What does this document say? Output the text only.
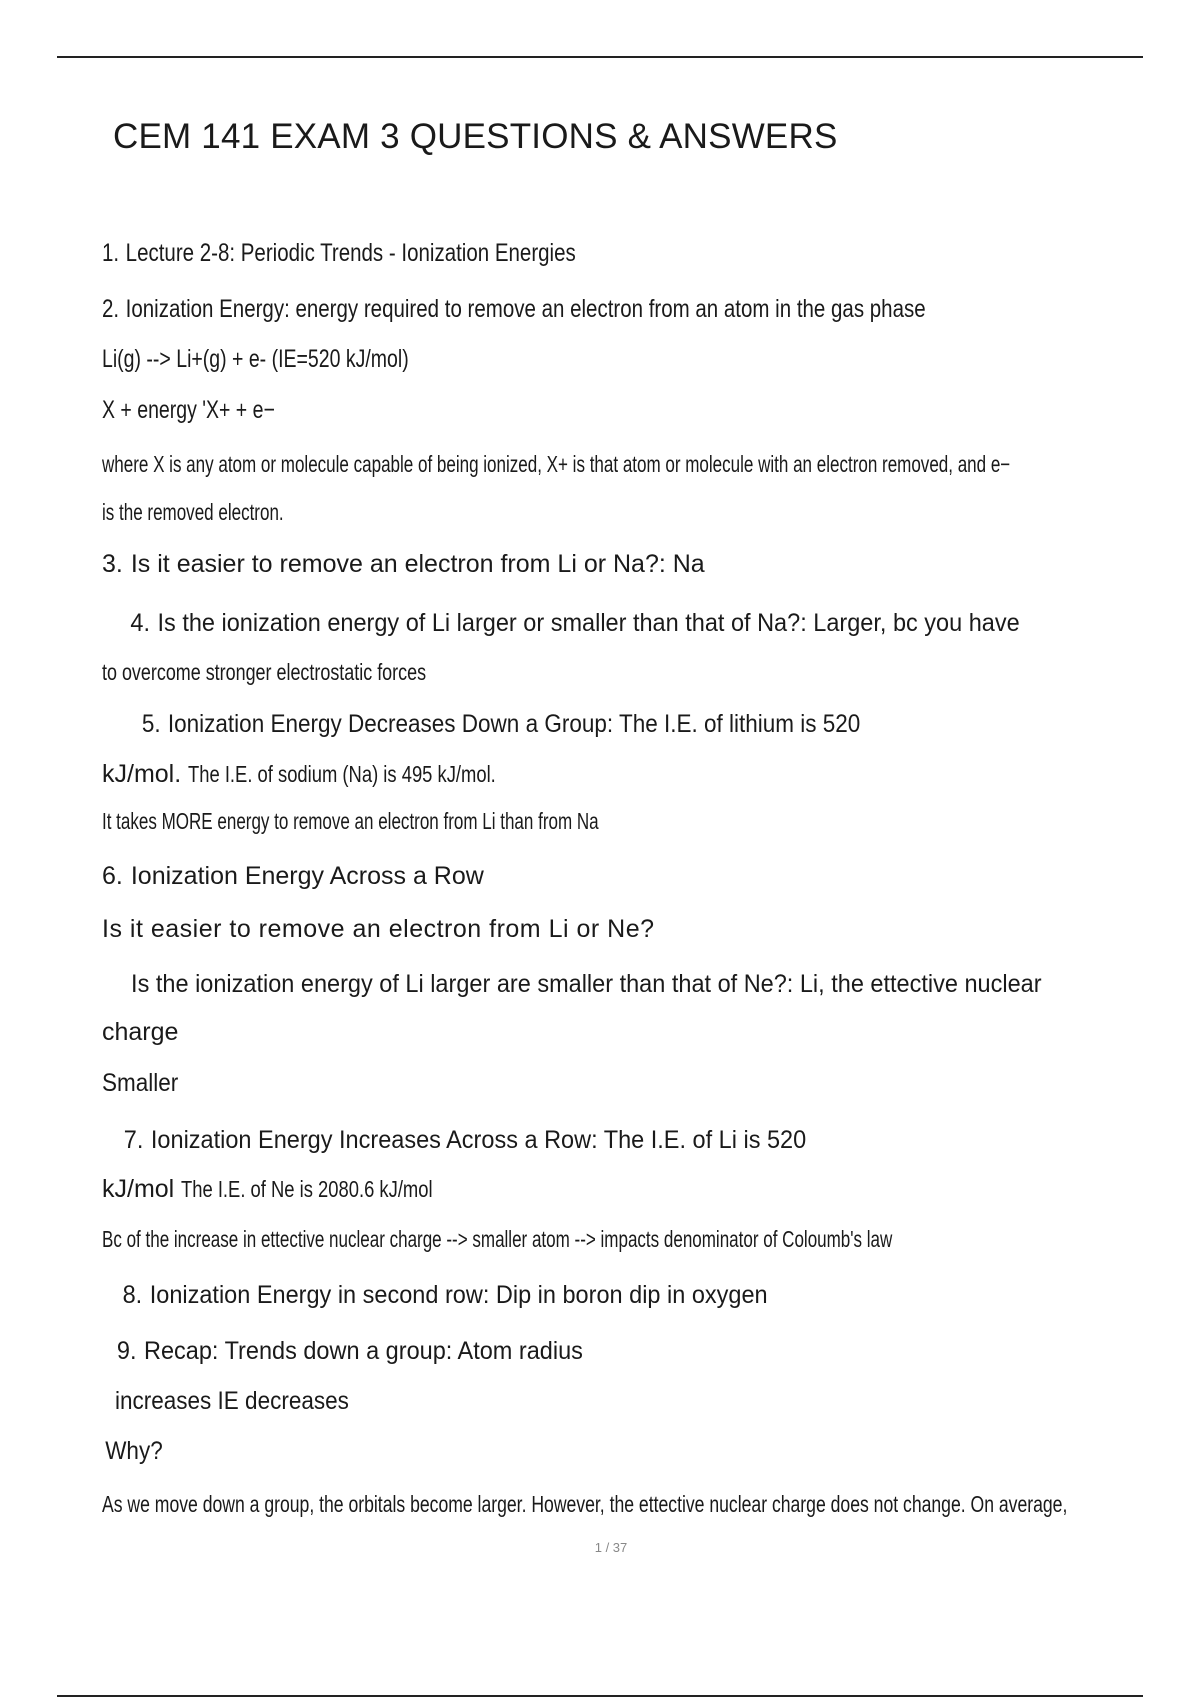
CEM 141 EXAM 3 QUESTIONS & ANSWERS

1. Lecture 2-8: Periodic Trends - Ionization Energies

2. Ionization Energy: energy required to remove an electron from an atom in the gas phase

Li(g) --> Li+(g) + e- (IE=520 kJ/mol)

X + energy 'X+ + e−

where X is any atom or molecule capable of being ionized, X+ is that atom or molecule with an electron removed, and e−

is the removed electron.

3. Is it easier to remove an electron from Li or Na?: Na

4. Is the ionization energy of Li larger or smaller than that of Na?: Larger, bc you have

to overcome stronger electrostatic forces

5. Ionization Energy Decreases Down a Group: The I.E. of lithium is 520

kJ/mol. The I.E. of sodium (Na) is 495 kJ/mol.

It takes MORE energy to remove an electron from Li than from Na

6. Ionization Energy Across a Row

Is it easier to remove an electron from Li or Ne?

Is the ionization energy of Li larger are smaller than that of Ne?: Li, the ettective nuclear

charge

Smaller

7. Ionization Energy Increases Across a Row: The I.E. of Li is 520

kJ/mol The I.E. of Ne is 2080.6 kJ/mol

Bc of the increase in ettective nuclear charge --> smaller atom --> impacts denominator of Coloumb's law

8. Ionization Energy in second row: Dip in boron dip in oxygen

9. Recap: Trends down a group: Atom radius

increases IE decreases

Why?

As we move down a group, the orbitals become larger. However, the ettective nuclear charge does not change. On average,

1 / 37
